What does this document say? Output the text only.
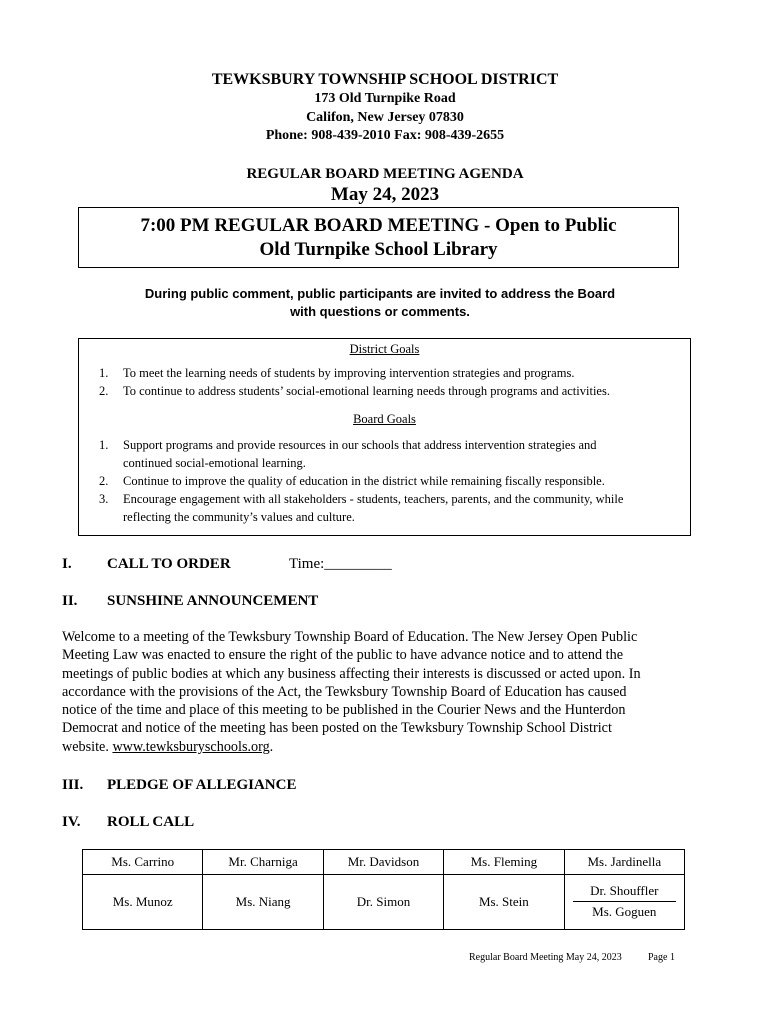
TEWKSBURY TOWNSHIP SCHOOL DISTRICT
173 Old Turnpike Road
Califon, New Jersey 07830
Phone: 908-439-2010 Fax: 908-439-2655
REGULAR BOARD MEETING AGENDA
May 24, 2023
7:00 PM REGULAR BOARD MEETING - Open to Public
Old Turnpike School Library
During public comment, public participants are invited to address the Board
with questions or comments.
District Goals
1.	To meet the learning needs of students by improving intervention strategies and programs.
2.	To continue to address students’ social-emotional learning needs through programs and activities.
Board Goals
1.	Support programs and provide resources in our schools that address intervention strategies and
continued social-emotional learning.
2.	Continue to improve the quality of education in the district while remaining fiscally responsible.
3.	Encourage engagement with all stakeholders - students, teachers, parents, and the community, while
reflecting the community’s values and culture.
I. CALL TO ORDER	Time:_________
II. SUNSHINE ANNOUNCEMENT
Welcome to a meeting of the Tewksbury Township Board of Education. The New Jersey Open Public
Meeting Law was enacted to ensure the right of the public to have advance notice and to attend the
meetings of public bodies at which any business affecting their interests is discussed or acted upon. In
accordance with the provisions of the Act, the Tewksbury Township Board of Education has caused
notice of the time and place of this meeting to be published in the Courier News and the Hunterdon
Democrat and notice of the meeting has been posted on the Tewksbury Township School District
website. www.tewksburyschools.org.
III. PLEDGE OF ALLEGIANCE
IV. ROLL CALL
Ms. Carrino	Mr. Charniga	Mr. Davidson	Ms. Fleming	Ms. Jardinella
Ms. Munoz	Ms. Niang	Dr. Simon	Ms. Stein	Dr. Shouffler
Ms. Goguen
Regular Board Meeting May 24, 2023	Page 1
